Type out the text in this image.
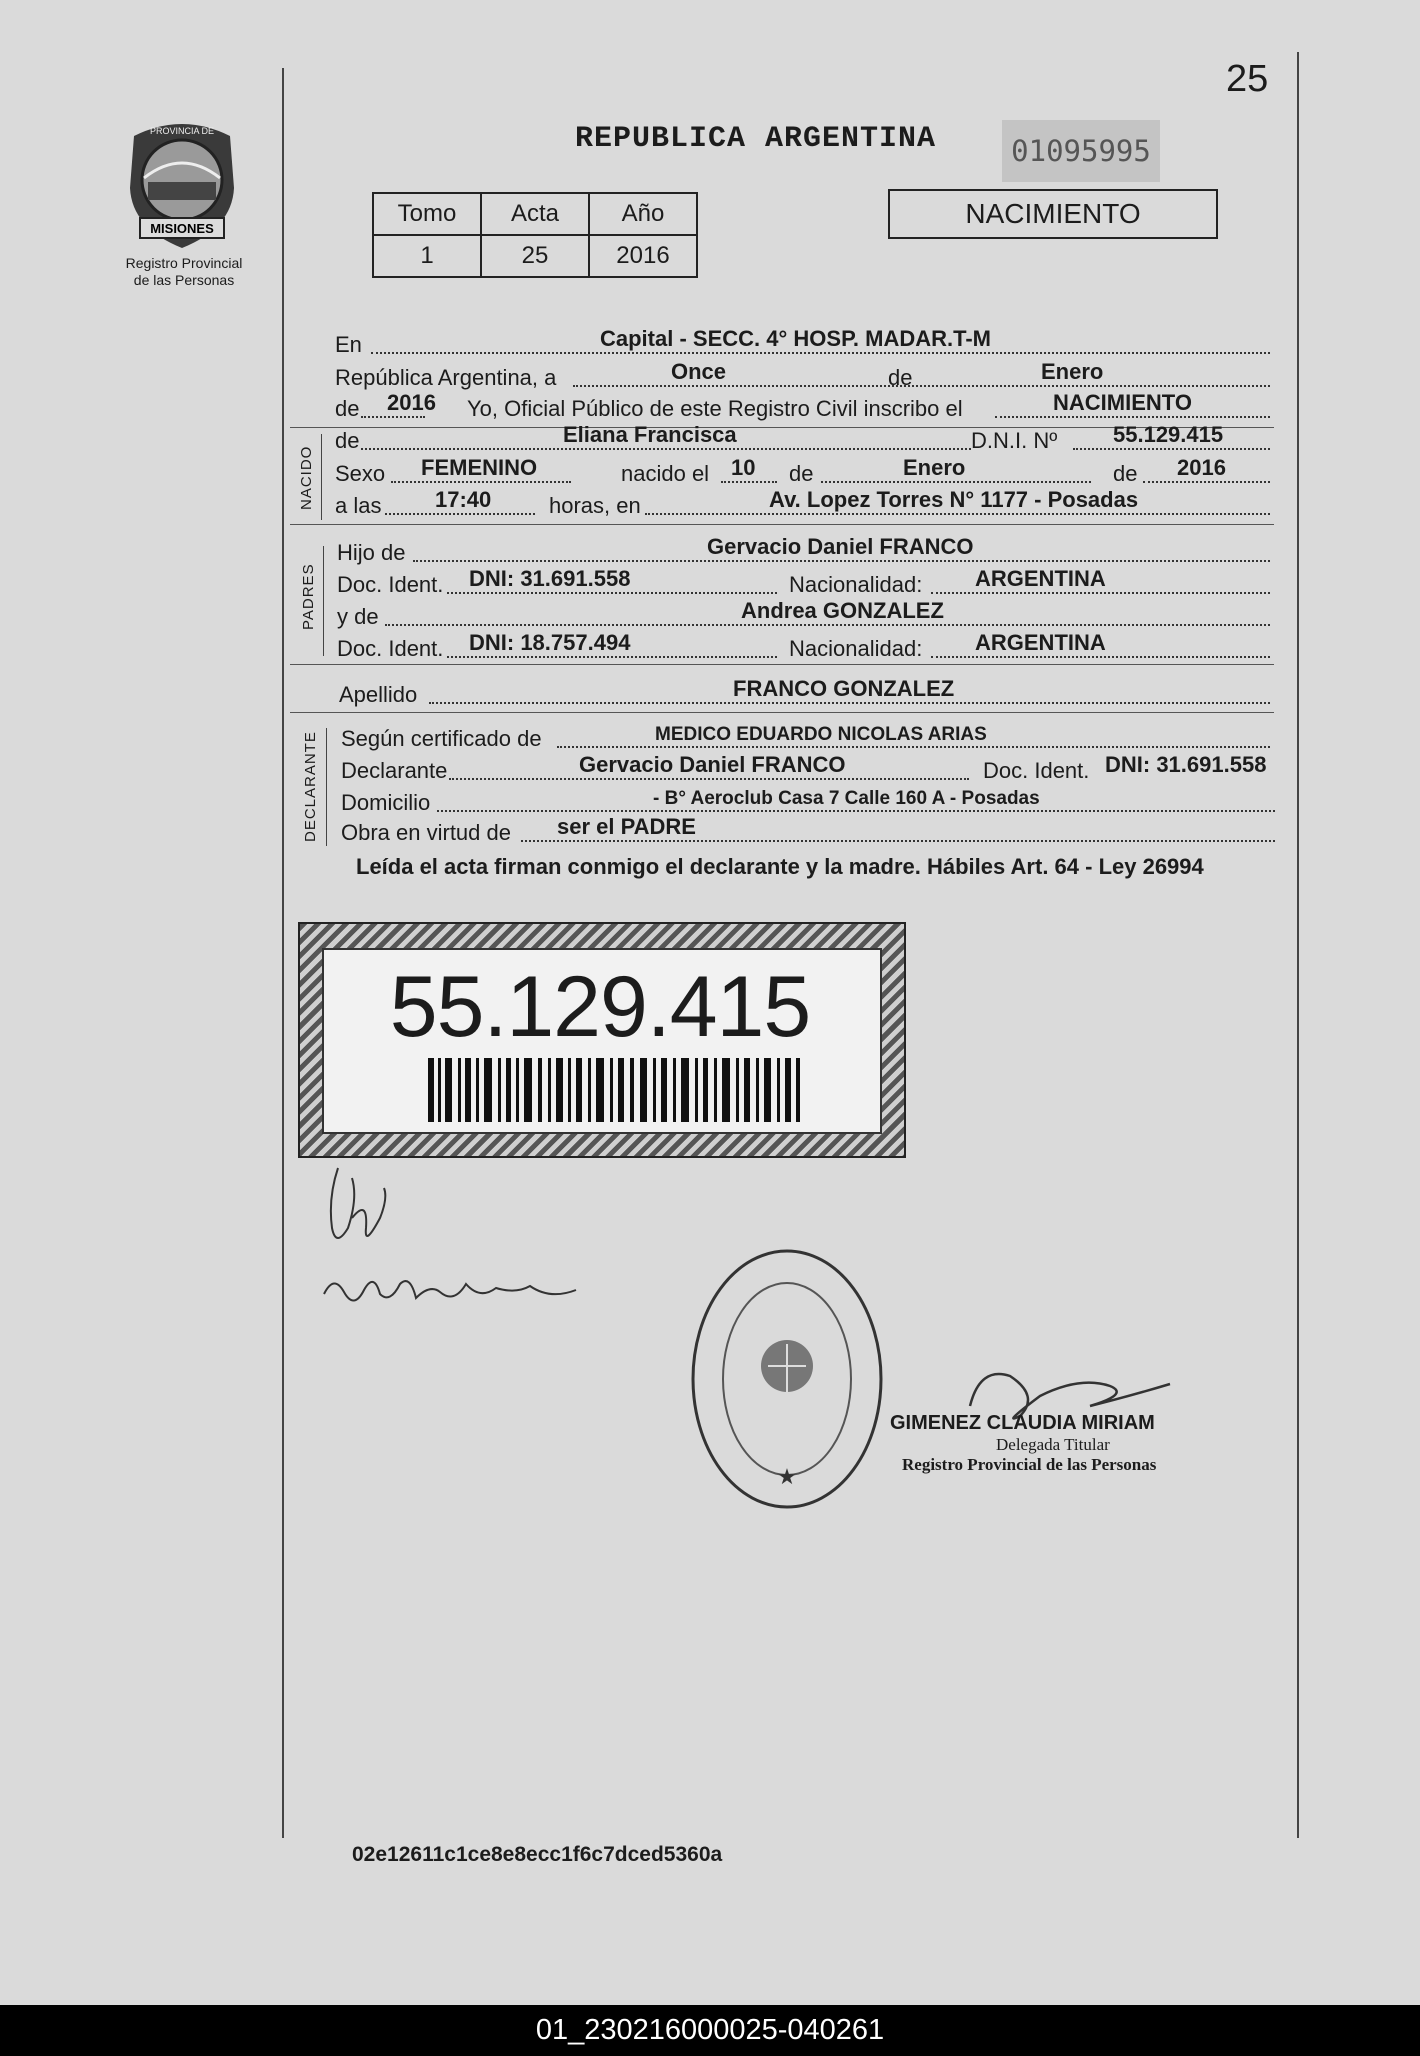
25
MISIONES
PROVINCIA DE
Registro Provincial
de las Personas
REPUBLICA ARGENTINA	01095995
Tomo	Acta	Año
1	25	2016
NACIMIENTO
En	Capital - SECC. 4° HOSP. MADAR.T-M
República Argentina, a	Once	de	Enero
de 2016 Yo, Oficial Público de este Registro Civil inscribo el	NACIMIENTO
NACIDO
de	Eliana Francisca	D.N.I. Nº	55.129.415
Sexo FEMENINO	nacido el 10 de	Enero	de 2016
a las 17:40	horas, en	Av. Lopez Torres N° 1177 - Posadas
PADRES
Hijo de	Gervacio Daniel FRANCO
Doc. Ident. DNI: 31.691.558	Nacionalidad: ARGENTINA
y de	Andrea GONZALEZ
Doc. Ident. DNI: 18.757.494	Nacionalidad: ARGENTINA
Apellido	FRANCO GONZALEZ
DECLARANTE Según certificado de	MEDICO EDUARDO NICOLAS ARIAS
Declarante	Gervacio Daniel FRANCO	Doc. Ident. DNI: 31.691.558
Domicilio	- B° Aeroclub Casa 7 Calle 160 A - Posadas
Obra en virtud de ser el PADRE
Leída el acta firman conmigo el declarante y la madre. Hábiles Art. 64 - Ley 26994
55.129.415
★
GIMENEZ CLAUDIA MIRIAM
Delegada Titular
Registro Provincial de las Personas
02e12611c1ce8e8ecc1f6c7dced5360a
01_230216000025-040261
